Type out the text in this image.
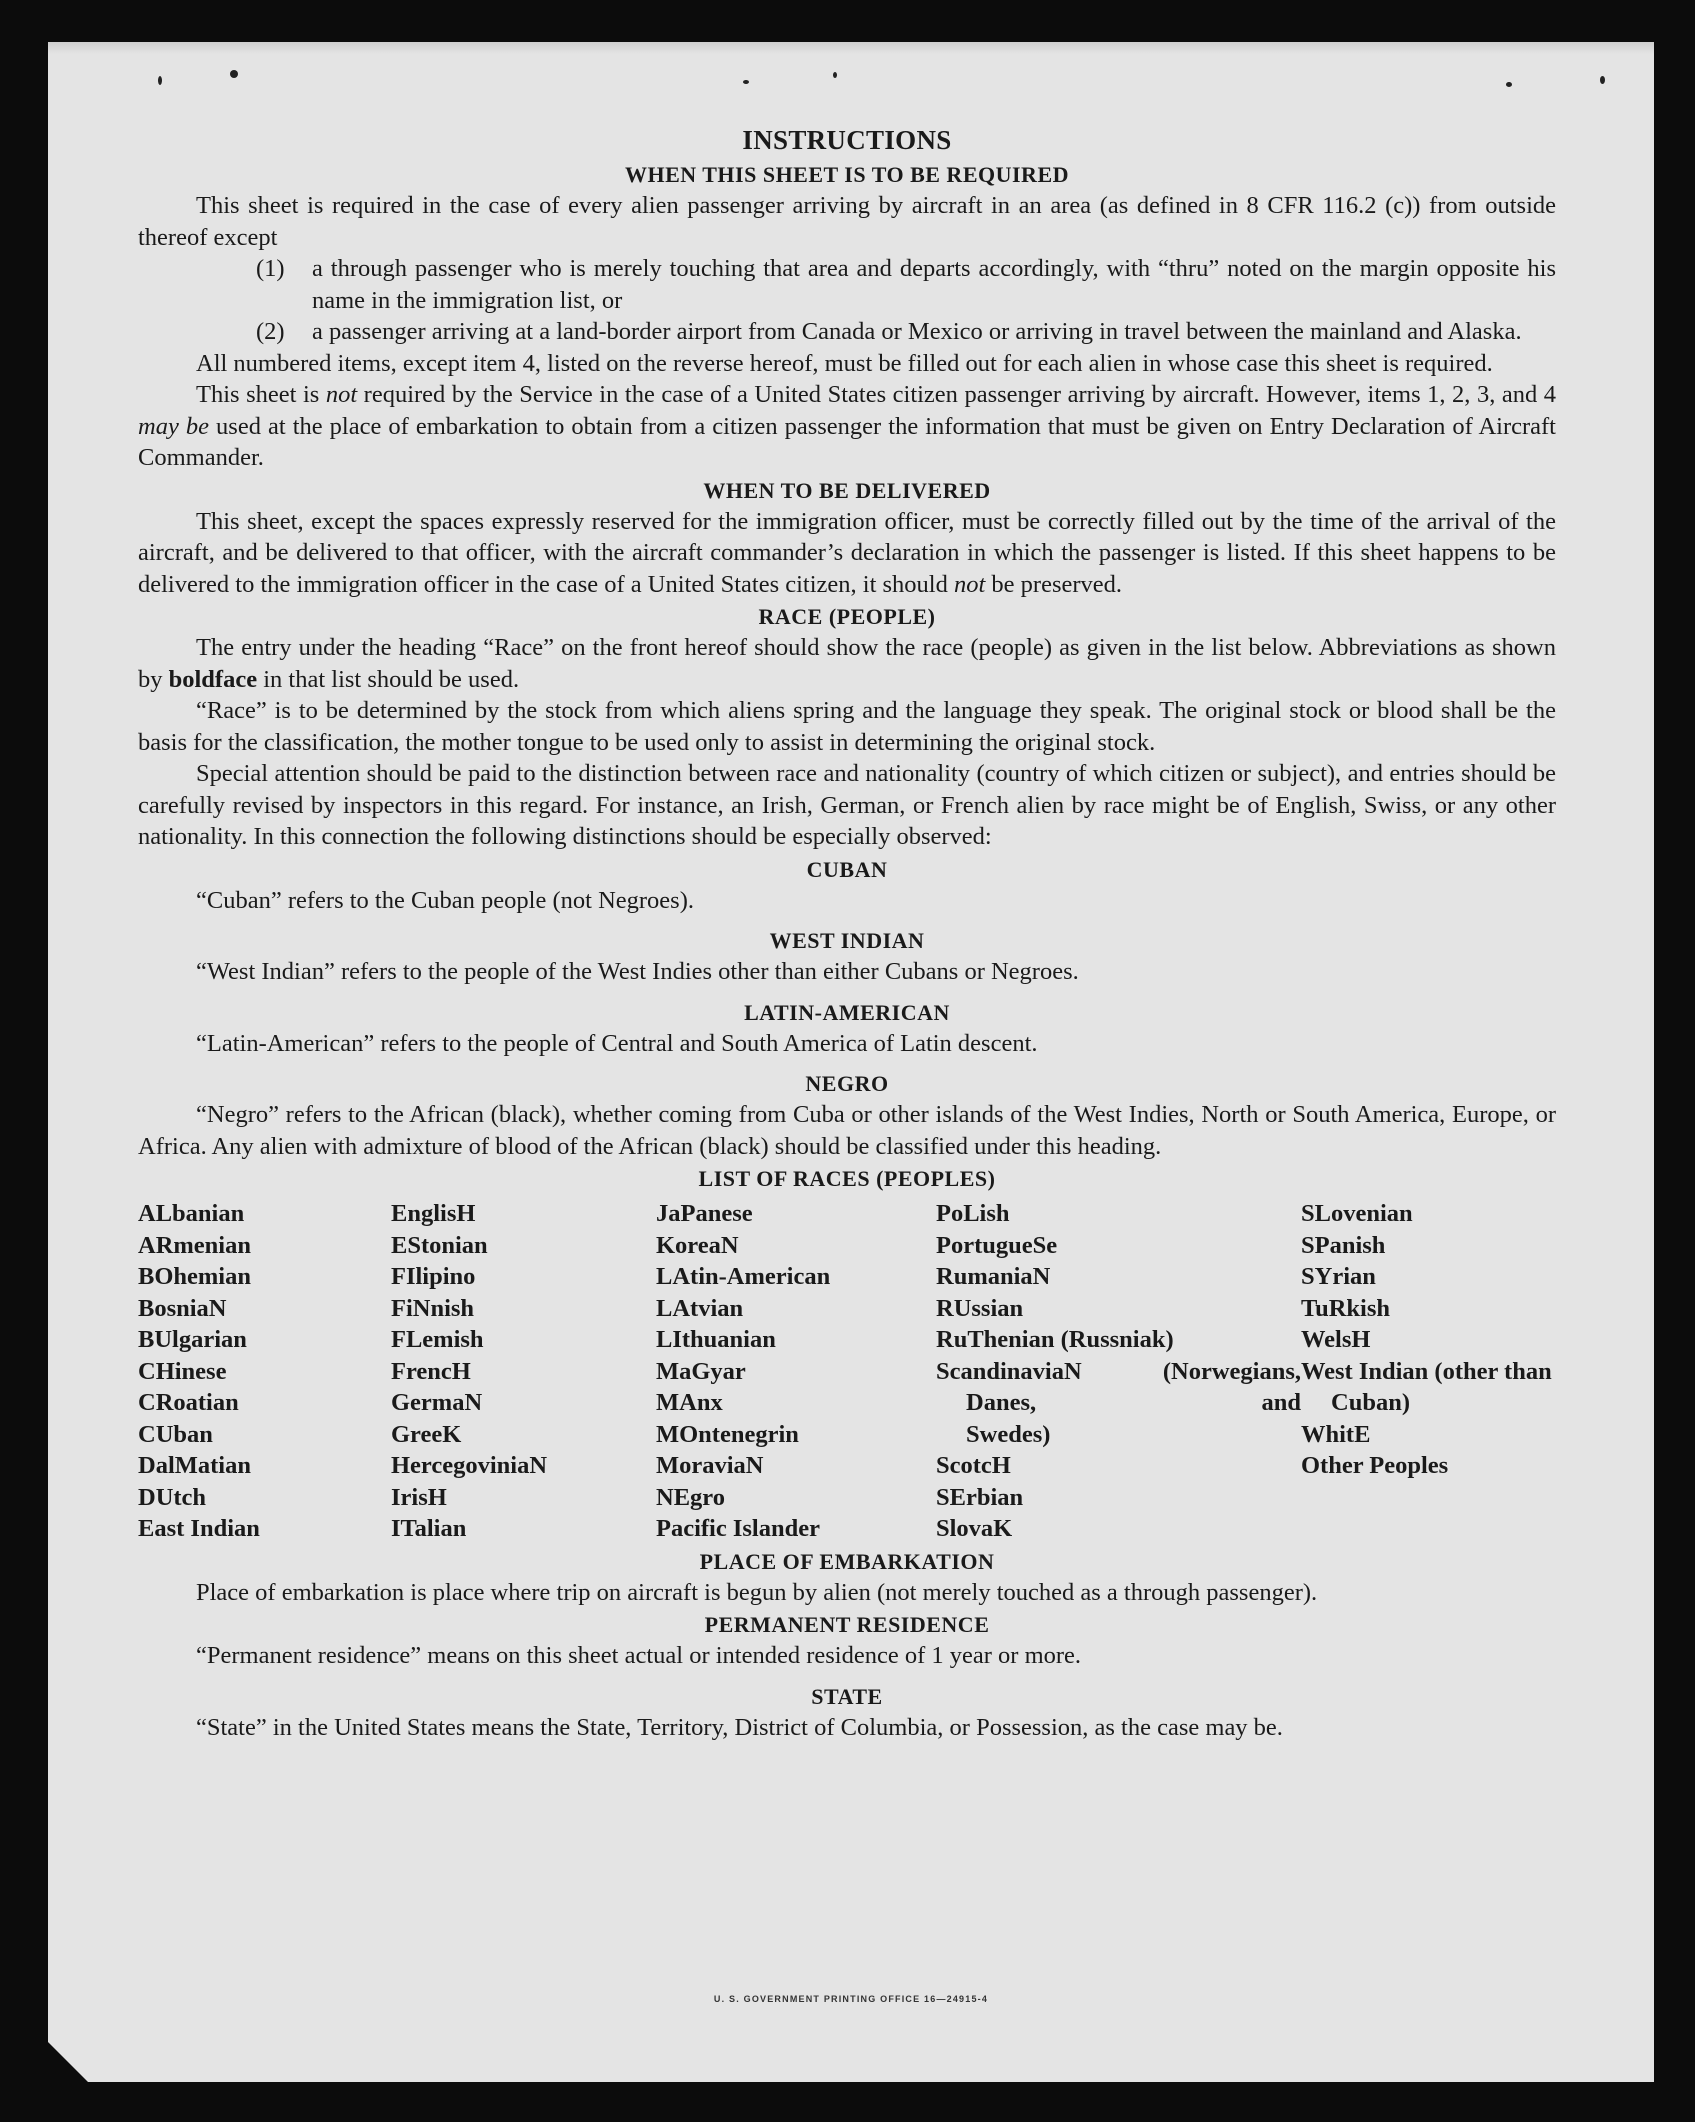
INSTRUCTIONS
WHEN THIS SHEET IS TO BE REQUIRED

This sheet is required in the case of every alien passenger arriving by aircraft in an area (as defined in 8 CFR 116.2 (c)) from outside thereof except

(1)	a through passenger who is merely touching that area and departs accordingly, with “thru” noted on the margin opposite his name in the immigration list, or
(2)	a passenger arriving at a land-border airport from Canada or Mexico or arriving in travel between the mainland and Alaska.

All numbered items, except item 4, listed on the reverse hereof, must be filled out for each alien in whose case this sheet is required.

This sheet is not required by the Service in the case of a United States citizen passenger arriving by aircraft. However, items 1, 2, 3, and 4 may be used at the place of embarkation to obtain from a citizen passenger the information that must be given on Entry Declaration of Aircraft Commander.

WHEN TO BE DELIVERED

This sheet, except the spaces expressly reserved for the immigration officer, must be correctly filled out by the time of the arrival of the aircraft, and be delivered to that officer, with the aircraft commander’s declaration in which the passenger is listed. If this sheet happens to be delivered to the immigration officer in the case of a United States citizen, it should not be preserved.

RACE (PEOPLE)

The entry under the heading “Race” on the front hereof should show the race (people) as given in the list below. Abbreviations as shown by boldface in that list should be used.

“Race” is to be determined by the stock from which aliens spring and the language they speak. The original stock or blood shall be the basis for the classification, the mother tongue to be used only to assist in determining the original stock.

Special attention should be paid to the distinction between race and nationality (country of which citizen or subject), and entries should be carefully revised by inspectors in this regard. For instance, an Irish, German, or French alien by race might be of English, Swiss, or any other nationality. In this connection the following distinctions should be especially observed:

CUBAN

“Cuban” refers to the Cuban people (not Negroes).

WEST INDIAN

“West Indian” refers to the people of the West Indies other than either Cubans or Negroes.

LATIN-AMERICAN

“Latin-American” refers to the people of Central and South America of Latin descent.

NEGRO

“Negro” refers to the African (black), whether coming from Cuba or other islands of the West Indies, North or South America, Europe, or Africa. Any alien with admixture of blood of the African (black) should be classified under this heading.

LIST OF RACES (PEOPLES)
ALbanian
ARmenian
BOhemian
BosniaN
BUlgarian
CHinese
CRoatian
CUban
DalMatian
DUtch
East Indian
EnglisH
EStonian
FIlipino
FiNnish
FLemish
FrencH
GermaN
GreeK
HercegoviniaN
IrisH
ITalian
JaPanese
KoreaN
LAtin-American
LAtvian
LIthuanian
MaGyar
MAnx
MOntenegrin
MoraviaN
NEgro
Pacific Islander
PoLish
PortugueSe
RumaniaN
RUssian
RuThenian (Russniak)
ScandinaviaN (Norwegians, Danes, and
Swedes)
ScotcH
SErbian
SlovaK
SLovenian
SPanish
SYrian
TuRkish
WelsH
West Indian (other than Cuban)
WhitE
Other Peoples
PLACE OF EMBARKATION

Place of embarkation is place where trip on aircraft is begun by alien (not merely touched as a through passenger).

PERMANENT RESIDENCE

“Permanent residence” means on this sheet actual or intended residence of 1 year or more.

STATE

“State” in the United States means the State, Territory, District of Columbia, or Possession, as the case may be.

U. S. GOVERNMENT PRINTING OFFICE 16—24915-4
